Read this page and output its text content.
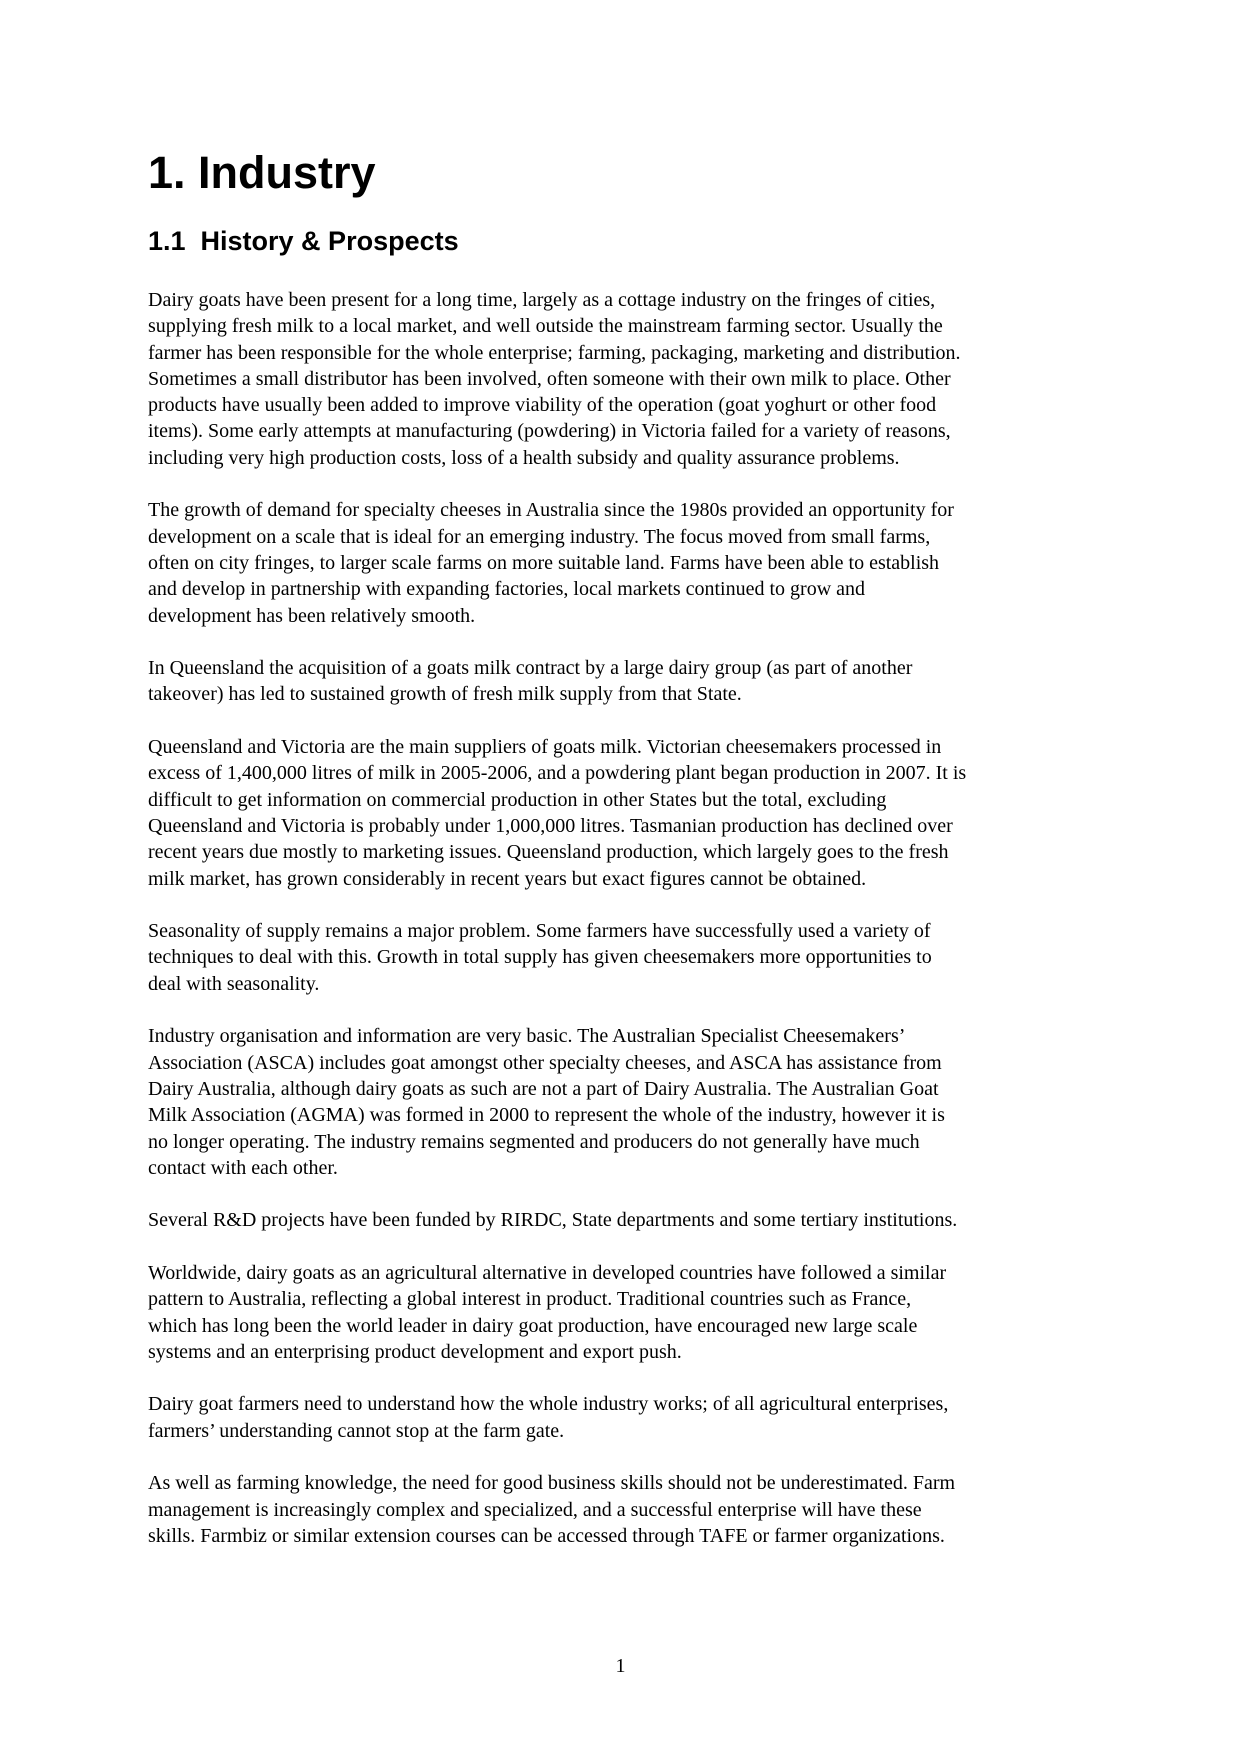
1. Industry
1.1  History & Prospects

Dairy goats have been present for a long time, largely as a cottage industry on the fringes of cities,
supplying fresh milk to a local market, and well outside the mainstream farming sector. Usually the
farmer has been responsible for the whole enterprise; farming, packaging, marketing and distribution.
Sometimes a small distributor has been involved, often someone with their own milk to place. Other
products have usually been added to improve viability of the operation (goat yoghurt or other food
items). Some early attempts at manufacturing (powdering) in Victoria failed for a variety of reasons,
including very high production costs, loss of a health subsidy and quality assurance problems.

The growth of demand for specialty cheeses in Australia since the 1980s provided an opportunity for
development on a scale that is ideal for an emerging industry. The focus moved from small farms,
often on city fringes, to larger scale farms on more suitable land. Farms have been able to establish
and develop in partnership with expanding factories, local markets continued to grow and
development has been relatively smooth.

In Queensland the acquisition of a goats milk contract by a large dairy group (as part of another
takeover) has led to sustained growth of fresh milk supply from that State.

Queensland and Victoria are the main suppliers of goats milk. Victorian cheesemakers processed in
excess of 1,400,000 litres of milk in 2005-2006, and a powdering plant began production in 2007. It is
difficult to get information on commercial production in other States but the total, excluding
Queensland and Victoria is probably under 1,000,000 litres. Tasmanian production has declined over
recent years due mostly to marketing issues. Queensland production, which largely goes to the fresh
milk market, has grown considerably in recent years but exact figures cannot be obtained.

Seasonality of supply remains a major problem. Some farmers have successfully used a variety of
techniques to deal with this. Growth in total supply has given cheesemakers more opportunities to
deal with seasonality.

Industry organisation and information are very basic. The Australian Specialist Cheesemakers’
Association (ASCA) includes goat amongst other specialty cheeses, and ASCA has assistance from
Dairy Australia, although dairy goats as such are not a part of Dairy Australia. The Australian Goat
Milk Association (AGMA) was formed in 2000 to represent the whole of the industry, however it is
no longer operating. The industry remains segmented and producers do not generally have much
contact with each other.

Several R&D projects have been funded by RIRDC, State departments and some tertiary institutions.

Worldwide, dairy goats as an agricultural alternative in developed countries have followed a similar
pattern to Australia, reflecting a global interest in product. Traditional countries such as France,
which has long been the world leader in dairy goat production, have encouraged new large scale
systems and an enterprising product development and export push.

Dairy goat farmers need to understand how the whole industry works; of all agricultural enterprises,
farmers’ understanding cannot stop at the farm gate.

As well as farming knowledge, the need for good business skills should not be underestimated. Farm
management is increasingly complex and specialized, and a successful enterprise will have these
skills. Farmbiz or similar extension courses can be accessed through TAFE or farmer organizations.

1
